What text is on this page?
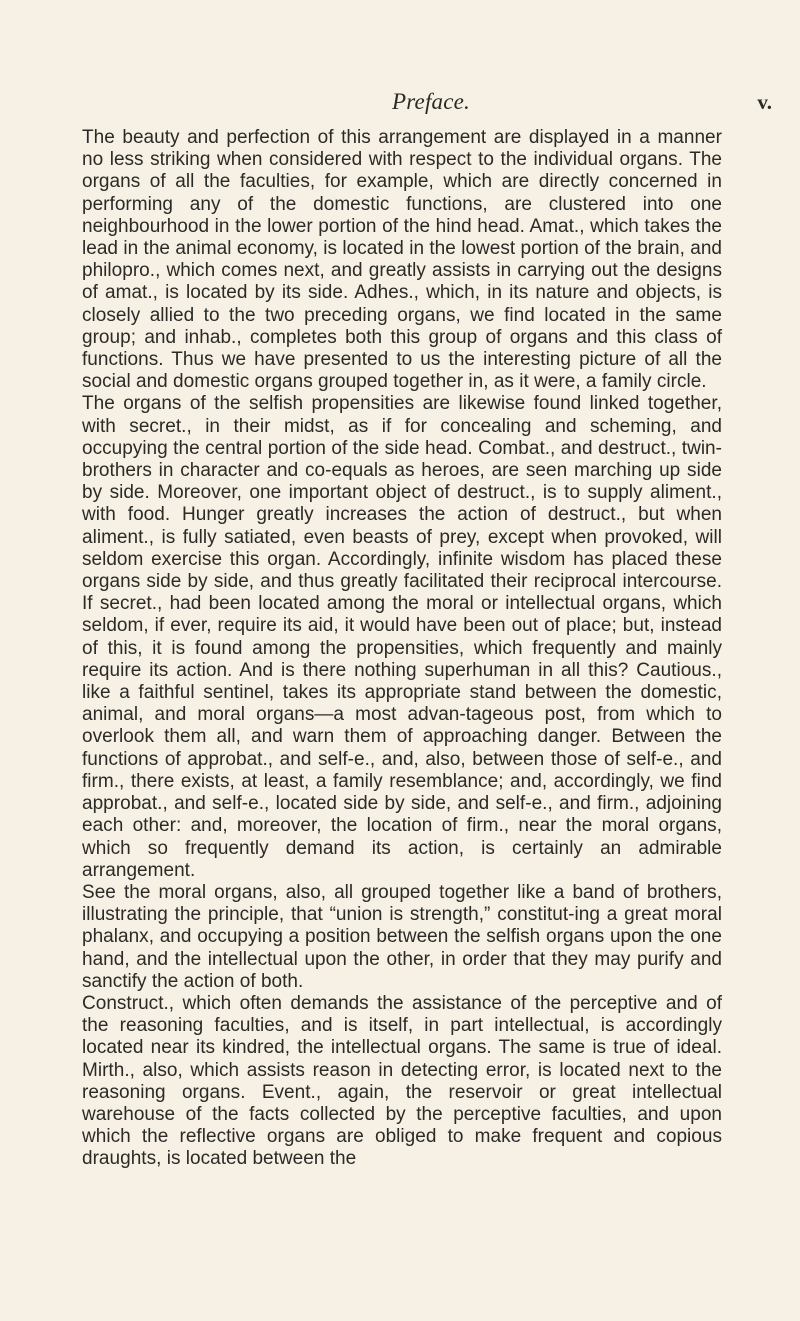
Preface.	v.

The beauty and perfection of this arrangement are displayed in a manner no less striking when considered with respect to the individual organs. The organs of all the faculties, for example, which are directly concerned in performing any of the domestic functions, are clustered into one neighbourhood in the lower portion of the hind head. Amat., which takes the lead in the animal economy, is located in the lowest portion of the brain, and philopro., which comes next, and greatly assists in carrying out the designs of amat., is located by its side. Adhes., which, in its nature and objects, is closely allied to the two preceding organs, we find located in the same group; and inhab., completes both this group of organs and this class of functions. Thus we have presented to us the interesting picture of all the social and domestic organs grouped together in, as it were, a family circle.

The organs of the selfish propensities are likewise found linked together, with secret., in their midst, as if for concealing and scheming, and occupying the central portion of the side head. Combat., and destruct., twin-brothers in character and co-equals as heroes, are seen marching up side by side. Moreover, one important object of destruct., is to supply aliment., with food. Hunger greatly increases the action of destruct., but when aliment., is fully satiated, even beasts of prey, except when provoked, will seldom exercise this organ. Accordingly, infinite wisdom has placed these organs side by side, and thus greatly facilitated their reciprocal intercourse. If secret., had been located among the moral or intellectual organs, which seldom, if ever, require its aid, it would have been out of place; but, instead of this, it is found among the propensities, which frequently and mainly require its action. And is there nothing superhuman in all this? Cautious., like a faithful sentinel, takes its appropriate stand between the domestic, animal, and moral organs—a most advan-tageous post, from which to overlook them all, and warn them of approaching danger. Between the functions of approbat., and self-e., and, also, between those of self-e., and firm., there exists, at least, a family resemblance; and, accordingly, we find approbat., and self-e., located side by side, and self-e., and firm., adjoining each other: and, moreover, the location of firm., near the moral organs, which so frequently demand its action, is certainly an admirable arrangement.

See the moral organs, also, all grouped together like a band of brothers, illustrating the principle, that “union is strength,” constitut-ing a great moral phalanx, and occupying a position between the selfish organs upon the one hand, and the intellectual upon the other, in order that they may purify and sanctify the action of both.

Construct., which often demands the assistance of the perceptive and of the reasoning faculties, and is itself, in part intellectual, is accordingly located near its kindred, the intellectual organs. The same is true of ideal. Mirth., also, which assists reason in detecting error, is located next to the reasoning organs. Event., again, the reservoir or great intellectual warehouse of the facts collected by the perceptive faculties, and upon which the reflective organs are obliged to make frequent and copious draughts, is located between the
